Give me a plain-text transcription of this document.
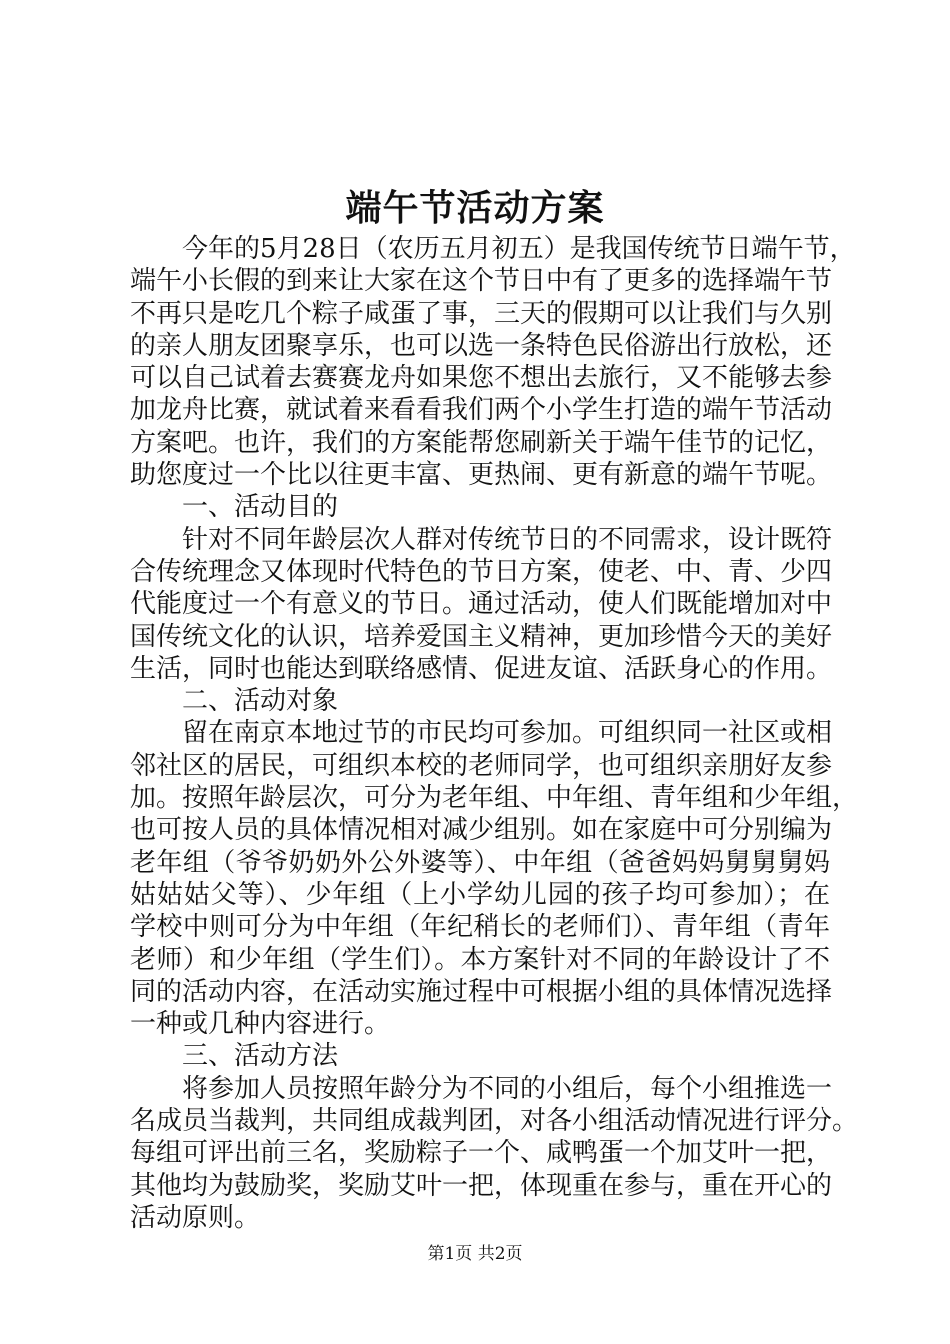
端午节活动方案
今年的5月28日（农历五月初五）是我国传统节日端午节，
端午小长假的到来让大家在这个节日中有了更多的选择端午节
不再只是吃几个粽子咸蛋了事，三天的假期可以让我们与久别
的亲人朋友团聚享乐，也可以选一条特色民俗游出行放松，还
可以自己试着去赛赛龙舟如果您不想出去旅行，又不能够去参
加龙舟比赛，就试着来看看我们两个小学生打造的端午节活动
方案吧。也许，我们的方案能帮您刷新关于端午佳节的记忆，
助您度过一个比以往更丰富、更热闹、更有新意的端午节呢。
一、活动目的
针对不同年龄层次人群对传统节日的不同需求，设计既符
合传统理念又体现时代特色的节日方案，使老、中、青、少四
代能度过一个有意义的节日。通过活动，使人们既能增加对中
国传统文化的认识，培养爱国主义精神，更加珍惜今天的美好
生活，同时也能达到联络感情、促进友谊、活跃身心的作用。
二、活动对象
留在南京本地过节的市民均可参加。可组织同一社区或相
邻社区的居民，可组织本校的老师同学，也可组织亲朋好友参
加。按照年龄层次，可分为老年组、中年组、青年组和少年组，
也可按人员的具体情况相对减少组别。如在家庭中可分别编为
老年组（爷爷奶奶外公外婆等）、中年组（爸爸妈妈舅舅舅妈
姑姑姑父等）、少年组（上小学幼儿园的孩子均可参加）；在
学校中则可分为中年组（年纪稍长的老师们）、青年组（青年
老师）和少年组（学生们）。本方案针对不同的年龄设计了不
同的活动内容，在活动实施过程中可根据小组的具体情况选择
一种或几种内容进行。
三、活动方法
将参加人员按照年龄分为不同的小组后，每个小组推选一
名成员当裁判，共同组成裁判团，对各小组活动情况进行评分。
每组可评出前三名，奖励粽子一个、咸鸭蛋一个加艾叶一把，
其他均为鼓励奖，奖励艾叶一把，体现重在参与，重在开心的
活动原则。
第1页 共2页
